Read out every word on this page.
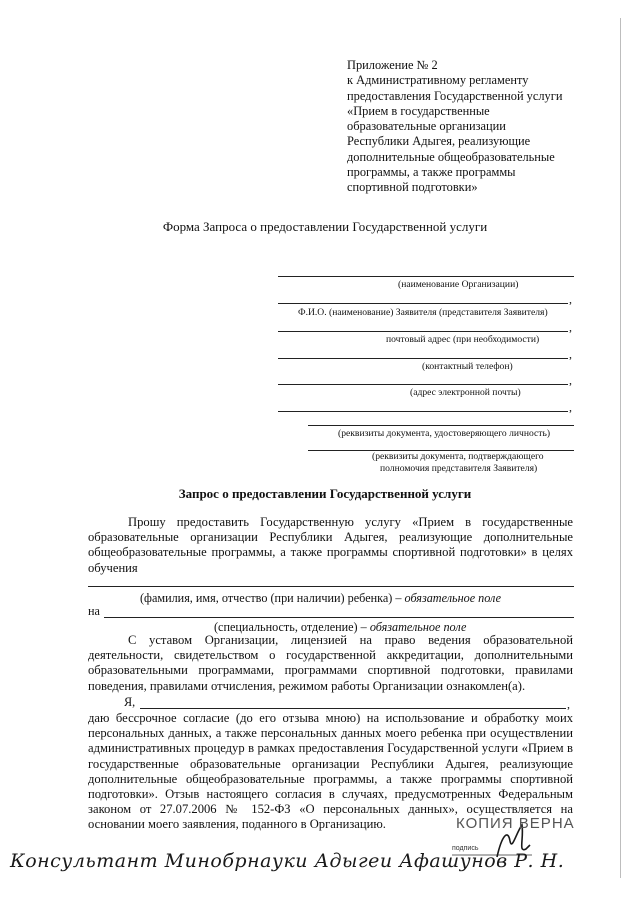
Приложение № 2
к Административному регламенту
предоставления Государственной услуги
«Прием в государственные
образовательные организации
Республики Адыгея, реализующие
дополнительные общеобразовательные
программы, а также программы
спортивной подготовки»
Форма Запроса о предоставлении Государственной услуги
(наименование Организации)
,
Ф.И.О. (наименование) Заявителя (представителя Заявителя)
,
почтовый адрес (при необходимости)
,
(контактный телефон)
,
(адрес электронной почты)
,
(реквизиты документа, удостоверяющего личность)
(реквизиты документа, подтверждающего
полномочия представителя Заявителя)
Запрос о предоставлении Государственной услуги
Прошу предоставить Государственную услугу «Прием в государственные образовательные организации Республики Адыгея, реализующие дополнительные общеобразовательные программы, а также программы спортивной подготовки» в целях обучения
(фамилия, имя, отчество (при наличии) ребенка) – обязательное поле
на
(специальность, отделение) – обязательное поле
С уставом Организации, лицензией на право ведения образовательной деятельности, свидетельством о государственной аккредитации, дополнительными образовательными программами, программами спортивной подготовки, правилами поведения, правилами отчисления, режимом работы Организации ознакомлен(а).
Я,	,
даю бессрочное согласие (до его отзыва мною) на использование и обработку моих персональных данных, а также персональных данных моего ребенка при осуществлении административных процедур в рамках предоставления Государственной услуги «Прием в государственные образовательные организации Республики Адыгея, реализующие дополнительные общеобразовательные программы, а также программы спортивной подготовки». Отзыв настоящего согласия в случаях, предусмотренных Федеральным законом от 27.07.2006 № 152-ФЗ «О персональных данных», осуществляется на основании моего заявления, поданного в Организацию.	КОПИЯ ВЕРНА
подпись
Консультант Минобрнауки Адыгеи Афашунов Р. Н.
